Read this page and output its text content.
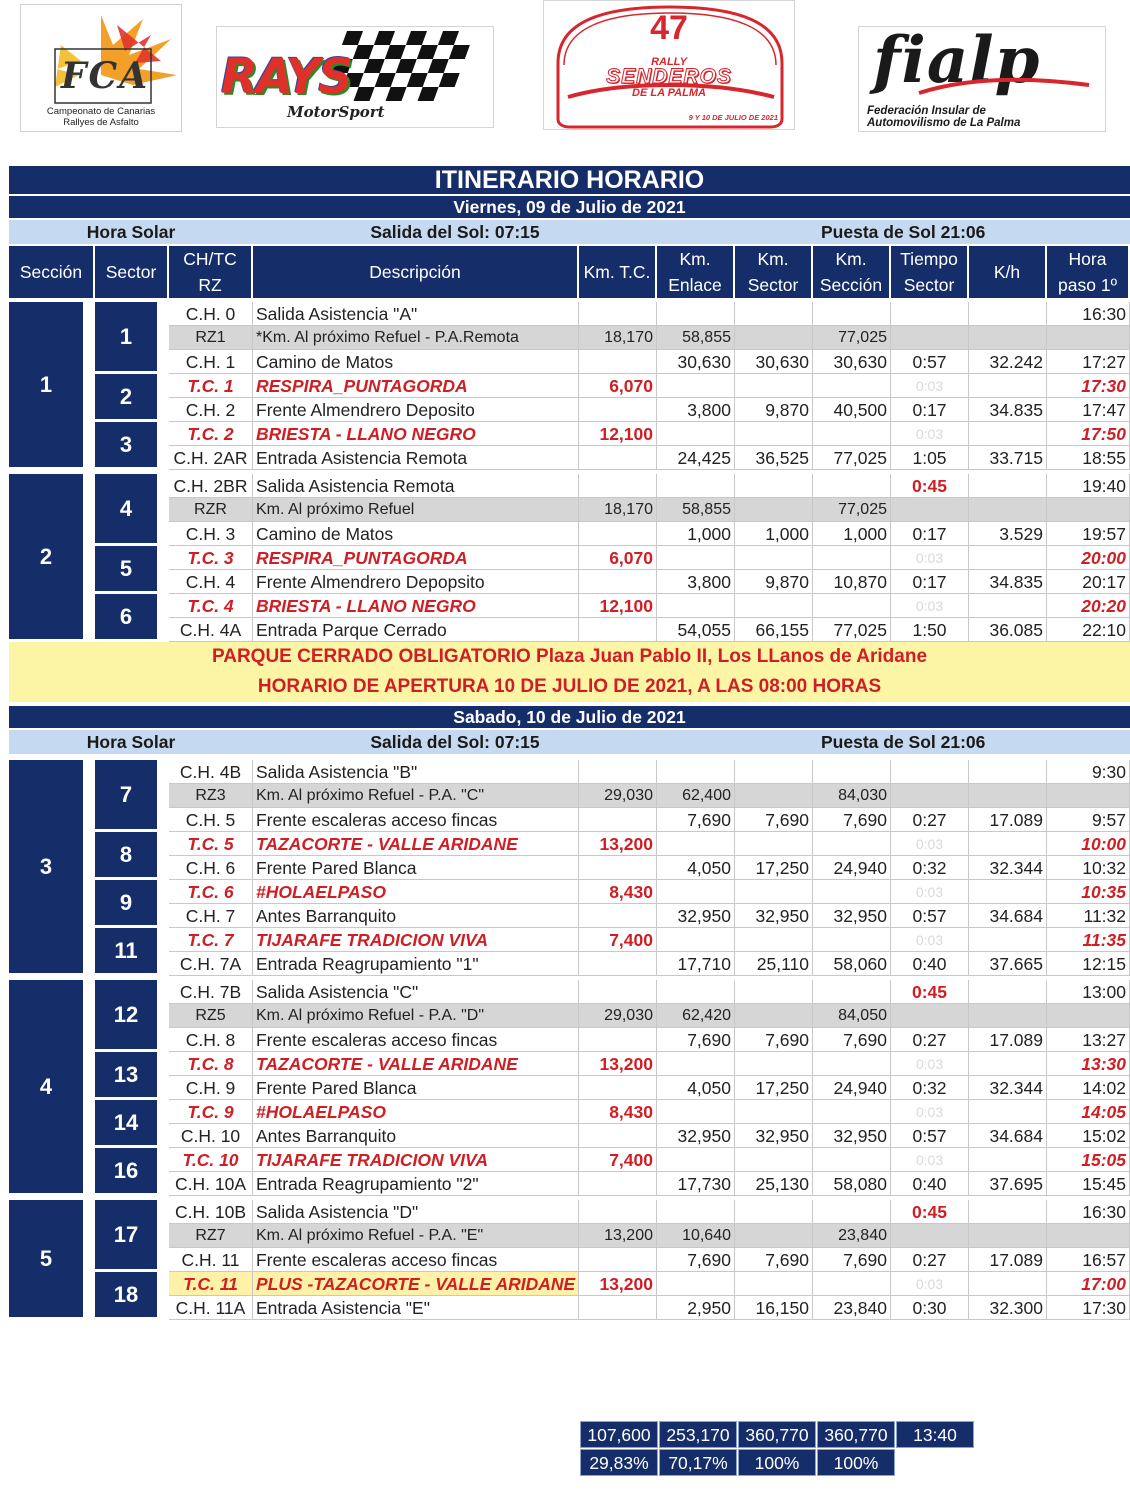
FCA
Campeonato de Canarias
Rallyes de Asfalto
RAYS
MotorSport
47
RALLY
SENDEROS
DE LA PALMA
9 Y 10 DE JULIO DE 2021
fialp
Federación Insular de
Automovilismo de La Palma
ITINERARIO HORARIO												
Viernes, 09 de Julio de 2021												
Hora Solar					Salida del Sol: 07:15				Puesta de Sol 21:06			
Sección		Sector		CH/TC RZ	Descripción	Km. T.C.	Km. Enlace	Km. Sector	Km. Sección	Tiempo Sector	K/h	Hora paso 1º
1		1		C.H. 0	Salida Asistencia "A"							16:30
				RZ1	*Km. Al próximo Refuel - P.A.Remota	18,170	58,855		77,025			
				C.H. 1	Camino de Matos		30,630	30,630	30,630	0:57	32.242	17:27
		2		T.C. 1	RESPIRA_PUNTAGORDA	6,070				0:03		17:30
				C.H. 2	Frente Almendrero Deposito		3,800	9,870	40,500	0:17	34.835	17:47
		3		T.C. 2	BRIESTA - LLANO NEGRO	12,100				0:03		17:50
				C.H. 2AR	Entrada Asistencia Remota		24,425	36,525	77,025	1:05	33.715	18:55

2		4		C.H. 2BR	Salida Asistencia Remota					0:45		19:40
				RZR	Km. Al próximo Refuel	18,170	58,855		77,025			
				C.H. 3	Camino de Matos		1,000	1,000	1,000	0:17	3.529	19:57
		5		T.C. 3	RESPIRA_PUNTAGORDA	6,070				0:03		20:00
				C.H. 4	Frente Almendrero Depopsito		3,800	9,870	10,870	0:17	34.835	20:17
		6		T.C. 4	BRIESTA - LLANO NEGRO	12,100				0:03		20:20
				C.H. 4A	Entrada Parque Cerrado		54,055	66,155	77,025	1:50	36.085	22:10
PARQUE CERRADO OBLIGATORIO Plaza Juan Pablo II, Los LLanos de Aridane												
HORARIO DE APERTURA 10 DE JULIO DE 2021, A LAS 08:00 HORAS												

Sabado, 10 de Julio de 2021												
Hora Solar					Salida del Sol: 07:15				Puesta de Sol 21:06			

3		7		C.H. 4B	Salida Asistencia "B"							9:30
				RZ3	Km. Al próximo Refuel - P.A. "C"	29,030	62,400		84,030			
				C.H. 5	Frente escaleras acceso fincas		7,690	7,690	7,690	0:27	17.089	9:57
		8		T.C. 5	TAZACORTE - VALLE ARIDANE	13,200				0:03		10:00
				C.H. 6	Frente Pared Blanca		4,050	17,250	24,940	0:32	32.344	10:32
		9		T.C. 6	#HOLAELPASO	8,430				0:03		10:35
				C.H. 7	Antes Barranquito		32,950	32,950	32,950	0:57	34.684	11:32
		11		T.C. 7	TIJARAFE TRADICION VIVA	7,400				0:03		11:35
				C.H. 7A	Entrada Reagrupamiento "1"		17,710	25,110	58,060	0:40	37.665	12:15

4		12		C.H. 7B	Salida Asistencia "C"					0:45		13:00
				RZ5	Km. Al próximo Refuel - P.A. "D"	29,030	62,420		84,050			
				C.H. 8	Frente escaleras acceso fincas		7,690	7,690	7,690	0:27	17.089	13:27
		13		T.C. 8	TAZACORTE - VALLE ARIDANE	13,200				0:03		13:30
				C.H. 9	Frente Pared Blanca		4,050	17,250	24,940	0:32	32.344	14:02
		14		T.C. 9	#HOLAELPASO	8,430				0:03		14:05
				C.H. 10	Antes Barranquito		32,950	32,950	32,950	0:57	34.684	15:02
		16		T.C. 10	TIJARAFE TRADICION VIVA	7,400				0:03		15:05
				C.H. 10A	Entrada Reagrupamiento "2"		17,730	25,130	58,080	0:40	37.695	15:45

5		17		C.H. 10B	Salida Asistencia "D"					0:45		16:30
				RZ7	Km. Al próximo Refuel - P.A. "E"	13,200	10,640		23,840			
				C.H. 11	Frente escaleras acceso fincas		7,690	7,690	7,690	0:27	17.089	16:57
		18		T.C. 11	PLUS -TAZACORTE - VALLE ARIDANE	13,200				0:03		17:00
				C.H. 11A	Entrada Asistencia "E"		2,950	16,150	23,840	0:30	32.300	17:30
107,600 253,170 360,770 360,770	13:40
29,83%	70,17%	100%	100%
